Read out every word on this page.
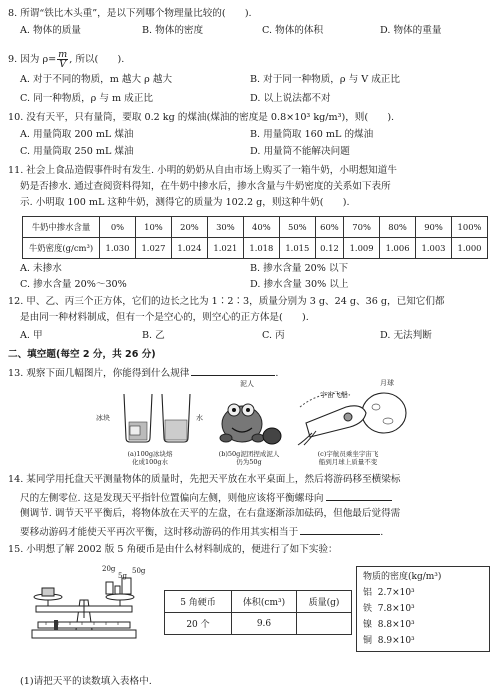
8. 所谓“铁比木头重”，是以下列哪个物理量比较的(　　).
A. 物体的质量	B. 物体的密度	C. 物体的体积	D. 物体的重量
9. 因为 $\rho= \frac{m}{V}$ , 所以(　　).
A. 对于不同的物质，m 越大 ρ 越大	B. 对于同一种物质，ρ 与 V 成正比
C. 同一种物质，ρ 与 m 成正比	D. 以上说法都不对
10. 没有天平，只有量筒，要取 0.2 kg 的煤油(煤油的密度是 0.8×10³ kg/m³)，则(　　).
A. 用量筒取 200 mL 煤油	B. 用量筒取 160 mL 的煤油
C. 用量筒取 250 mL 煤油	D. 用量筒不能解决问题
11. 社会上食品造假事件时有发生. 小明的奶奶从自由市场上购买了一箱牛奶，小明想知道牛
奶是否掺水. 通过查阅资料得知，在牛奶中掺水后，掺水含量与牛奶密度的关系如下表所
示. 小明取 100 mL 这种牛奶，测得它的质量为 102.2 g，则这种牛奶(　　).
牛奶中掺水含量	0%	10%	20%	30%	40%	50%	60%	70%	80%	90%	100%
牛奶密度(g/cm³)	1.030	1.027	1.024	1.021	1.018	1.015	0.12	1.009	1.006	1.003	1.000
A. 未掺水	B. 掺水含量 20% 以下
C. 掺水含量 20%～30%	D. 掺水含量 30% 以上
12. 甲、乙、丙三个正方体，它们的边长之比为 1∶2∶3，质量分别为 3 g、24 g、36 g，已知它们都
是由同一种材料制成，但有一个是空心的，则空心的正方体是(　　).
A. 甲	B. 乙	C. 丙	D. 无法判断
二、填空题(每空 2 分，共 26 分)
13. 观察下面几幅图片，你能得到什么规律	.
冰块	水
(a)100g冰块熔
化成100g水
泥人
(b)50g泥团捏成泥人
仍为50g
宇宙飞船
月球
(c)宇航员乘坐宇宙飞
船到月球上质量不变
14. 某同学用托盘天平测量物体的质量时，先把天平放在水平桌面上，然后将游码移至横梁标
尺的左侧零位. 这是发现天平指针位置偏向左侧，则他应该将平衡螺母向
侧调节. 调节天平平衡后，将物体放在天平的左盘，在右盘逐渐添加砝码，但他最后觉得需
要移动游码才能使天平再次平衡，这时移动游码的作用其实相当于	.
15. 小明想了解 2002 版 5 角硬币是由什么材料制成的，便进行了如下实验：
20g
5g
50g
5 角硬币	体积(cm³)	质量(g)
20 个	9.6	
物质的密度(kg/m³)
铝 2.7×10³
铁 7.8×10³
镍 8.8×10³
铜 8.9×10³
(1)请把天平的读数填入表格中.
